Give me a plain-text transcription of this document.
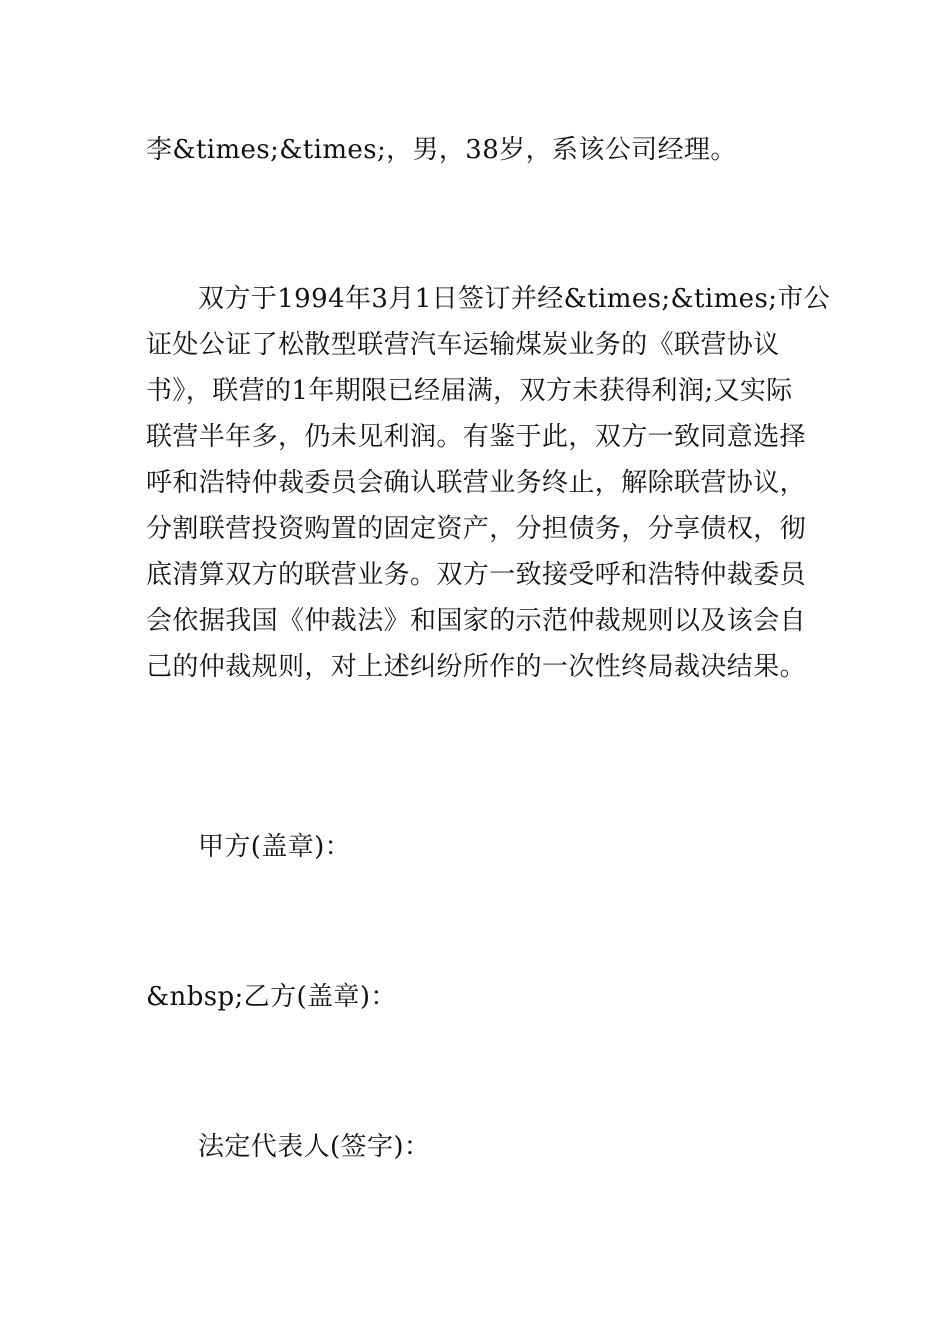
李&times;&times;，男，38岁，系该公司经理。

双方于1994年3月1日签订并经&times;&times;市公
证处公证了松散型联营汽车运输煤炭业务的《联营协议
书》，联营的1年期限已经届满，双方未获得利润;又实际
联营半年多，仍未见利润。有鉴于此，双方一致同意选择
呼和浩特仲裁委员会确认联营业务终止，解除联营协议，
分割联营投资购置的固定资产，分担债务，分享债权，彻
底清算双方的联营业务。双方一致接受呼和浩特仲裁委员
会依据我国《仲裁法》和国家的示范仲裁规则以及该会自
己的仲裁规则，对上述纠纷所作的一次性终局裁决结果。

甲方(盖章)：

&nbsp;乙方(盖章)：

法定代表人(签字)：
